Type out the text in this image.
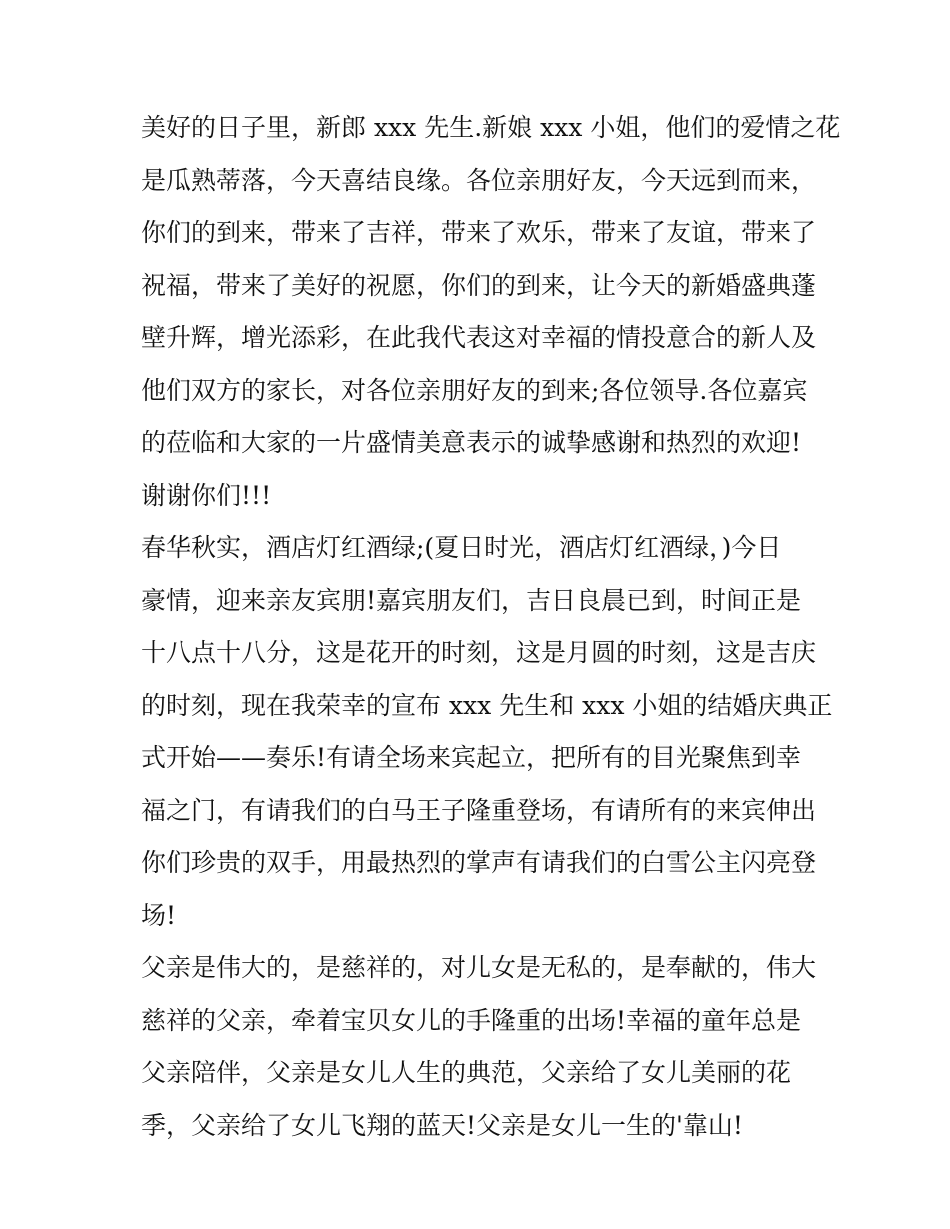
美好的日子里，新郎 xxx 先生.新娘 xxx 小姐，他们的爱情之花
是瓜熟蒂落，今天喜结良缘。各位亲朋好友，今天远到而来，
你们的到来，带来了吉祥，带来了欢乐，带来了友谊，带来了
祝福，带来了美好的祝愿，你们的到来，让今天的新婚盛典蓬
壁升辉，增光添彩，在此我代表这对幸福的情投意合的新人及
他们双方的家长，对各位亲朋好友的到来;各位领导.各位嘉宾
的莅临和大家的一片盛情美意表示的诚挚感谢和热烈的欢迎!
谢谢你们!!!
春华秋实，酒店灯红酒绿;(夏日时光，酒店灯红酒绿，)今日
豪情，迎来亲友宾朋!嘉宾朋友们，吉日良晨已到，时间正是
十八点十八分，这是花开的时刻，这是月圆的时刻，这是吉庆
的时刻，现在我荣幸的宣布 xxx 先生和 xxx 小姐的结婚庆典正
式开始——奏乐!有请全场来宾起立，把所有的目光聚焦到幸
福之门，有请我们的白马王子隆重登场，有请所有的来宾伸出
你们珍贵的双手，用最热烈的掌声有请我们的白雪公主闪亮登
场!
父亲是伟大的，是慈祥的，对儿女是无私的，是奉献的，伟大
慈祥的父亲，牵着宝贝女儿的手隆重的出场!幸福的童年总是
父亲陪伴，父亲是女儿人生的典范，父亲给了女儿美丽的花
季，父亲给了女儿飞翔的蓝天!父亲是女儿一生的'靠山!
